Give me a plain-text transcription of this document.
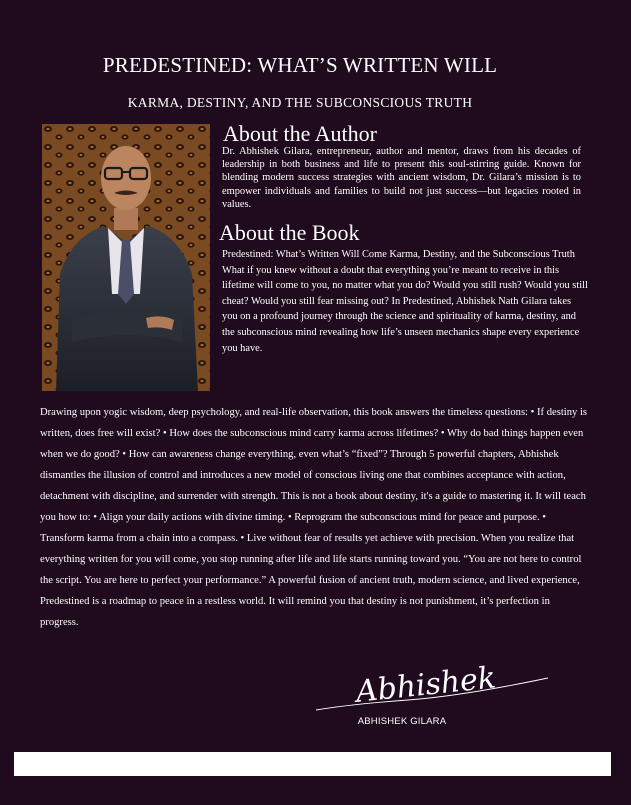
PREDESTINED: WHAT’S WRITTEN WILL
KARMA, DESTINY, AND THE SUBCONSCIOUS TRUTH
About the Author

Dr. Abhishek Gilara, entrepreneur, author and mentor, draws from his decades of leadership in both business and life to present this soul-stirring guide. Known for blending modern success strategies with ancient wisdom, Dr. Gilara’s mission is to empower individuals and families to build not just success—but legacies rooted in values.

About the Book

Predestined: What’s Written Will Come Karma, Destiny, and the Subconscious Truth What if you knew without a doubt that everything you’re meant to receive in this lifetime will come to you, no matter what you do? Would you still rush? Would you still cheat? Would you still fear missing out? In Predestined, Abhishek Nath Gilara takes you on a profound journey through the science and spirituality of karma, destiny, and the subconscious mind revealing how life’s unseen mechanics shape every experience you have.

Drawing upon yogic wisdom, deep psychology, and real-life observation, this book answers the timeless questions: • If destiny is written, does free will exist? • How does the subconscious mind carry karma across lifetimes? • Why do bad things happen even when we do good? • How can awareness change everything, even what’s “fixed”? Through 5 powerful chapters, Abhishek dismantles the illusion of control and introduces a new model of conscious living one that combines acceptance with action, detachment with discipline, and surrender with strength. This is not a book about destiny, it's a guide to mastering it. It will teach you how to: • Align your daily actions with divine timing. • Reprogram the subconscious mind for peace and purpose. • Transform karma from a chain into a compass. • Live without fear of results yet achieve with precision. When you realize that everything written for you will come, you stop running after life and life starts running toward you. “You are not here to control the script. You are here to perfect your performance.” A powerful fusion of ancient truth, modern science, and lived experience, Predestined is a roadmap to peace in a restless world. It will remind you that destiny is not punishment, it’s perfection in progress.

Abhishek

ABHISHEK GILARA
